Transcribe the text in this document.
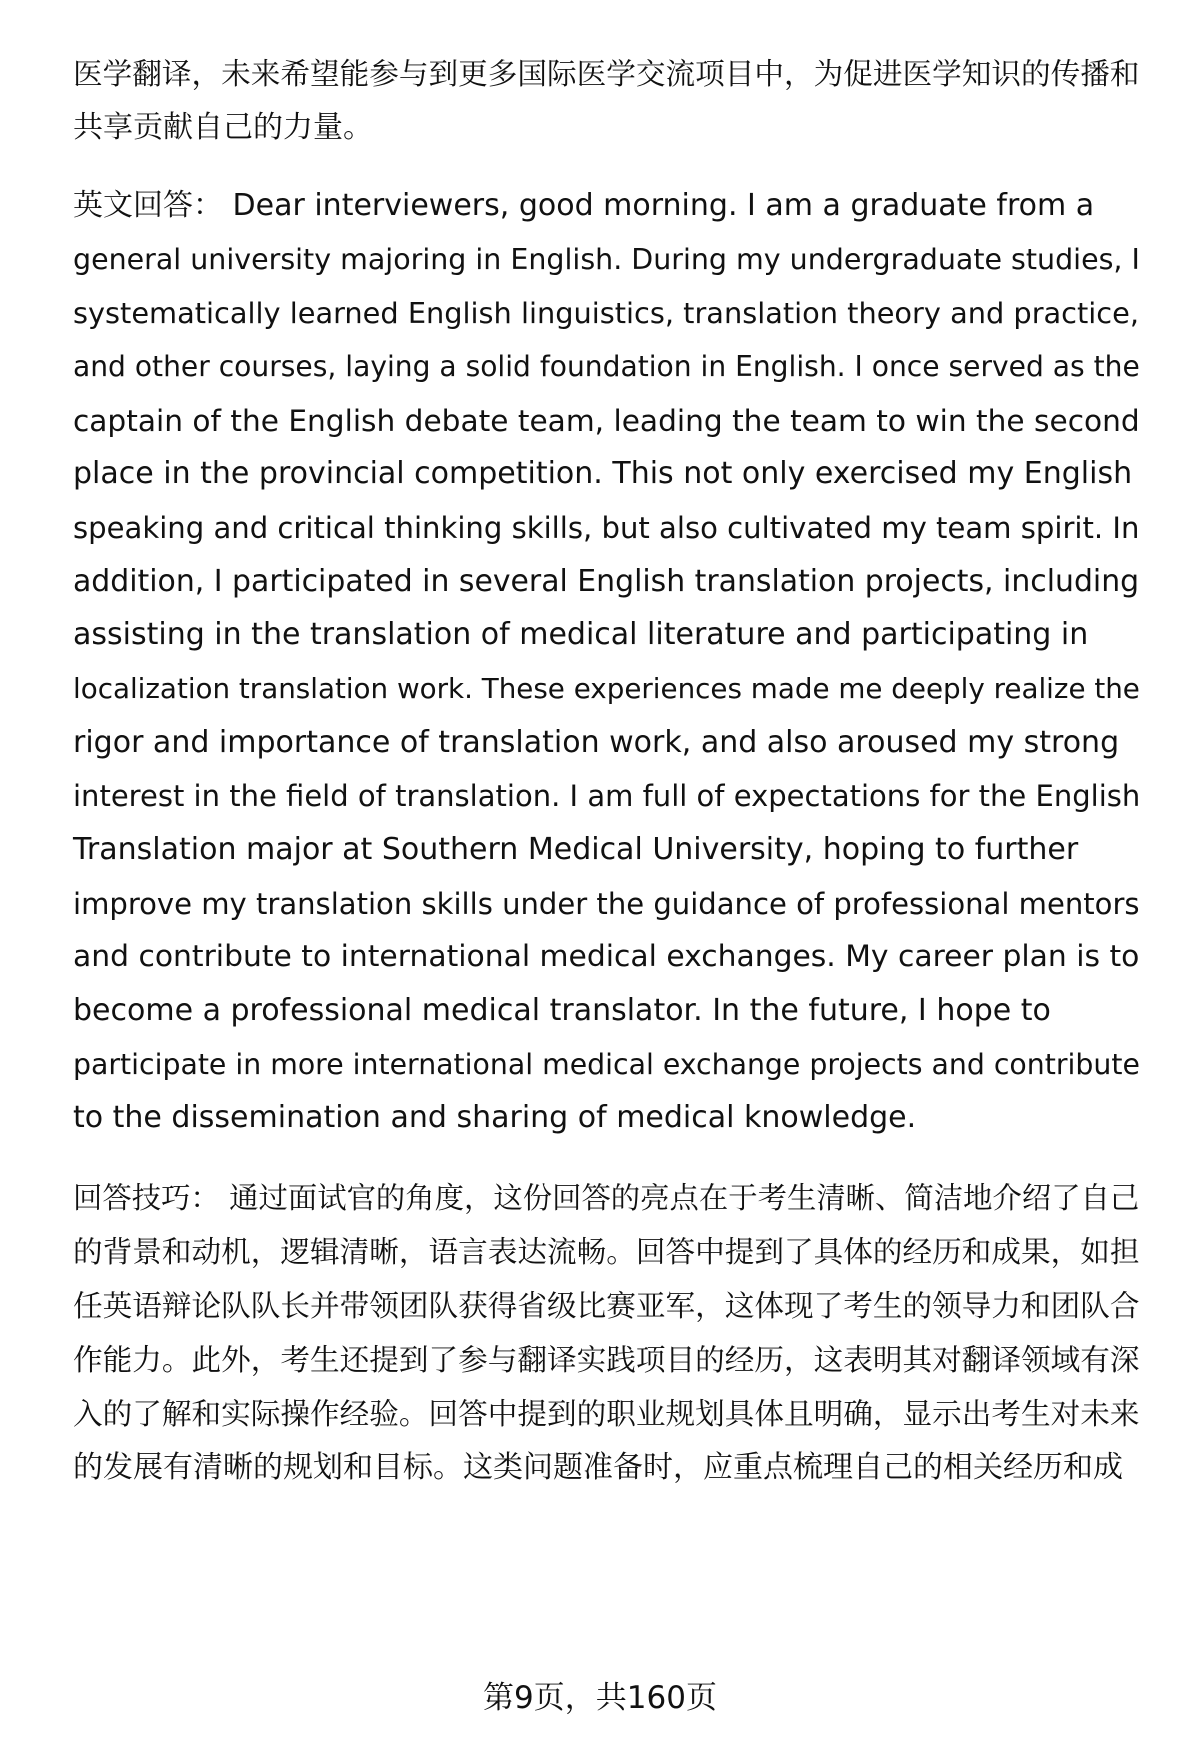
医学翻译，未来希望能参与到更多国际医学交流项目中，为促进医学知识的传播和
共享贡献自己的力量。
英文回答： Dear interviewers, good morning. I am a graduate from a
general university majoring in English. During my undergraduate studies, I
systematically learned English linguistics, translation theory and practice,
and other courses, laying a solid foundation in English. I once served as the
captain of the English debate team, leading the team to win the second
place in the provincial competition. This not only exercised my English
speaking and critical thinking skills, but also cultivated my team spirit. In
addition, I participated in several English translation projects, including
assisting in the translation of medical literature and participating in
localization translation work. These experiences made me deeply realize the
rigor and importance of translation work, and also aroused my strong
interest in the field of translation. I am full of expectations for the English
Translation major at Southern Medical University, hoping to further
improve my translation skills under the guidance of professional mentors
and contribute to international medical exchanges. My career plan is to
become a professional medical translator. In the future, I hope to
participate in more international medical exchange projects and contribute
to the dissemination and sharing of medical knowledge.
回答技巧： 通过面试官的角度，这份回答的亮点在于考生清晰、简洁地介绍了自己
的背景和动机，逻辑清晰，语言表达流畅。回答中提到了具体的经历和成果，如担
任英语辩论队队长并带领团队获得省级比赛亚军，这体现了考生的领导力和团队合
作能力。此外，考生还提到了参与翻译实践项目的经历，这表明其对翻译领域有深
入的了解和实际操作经验。回答中提到的职业规划具体且明确，显示出考生对未来
的发展有清晰的规划和目标。这类问题准备时，应重点梳理自己的相关经历和成
第9页，共160页
